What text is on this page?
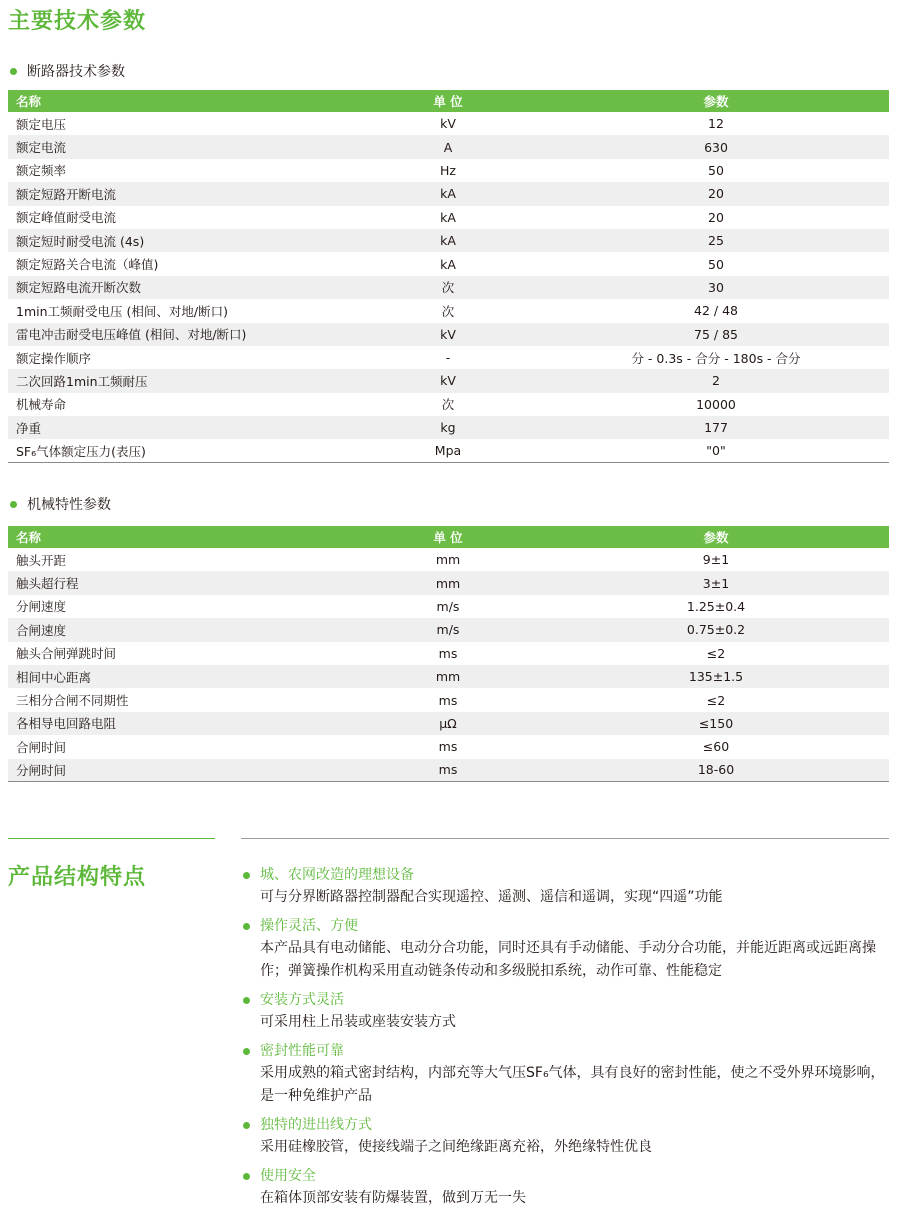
主要技术参数
断路器技术参数
名称	单 位	参数
额定电压	kV	12
额定电流	A	630
额定频率	Hz	50
额定短路开断电流	kA	20
额定峰值耐受电流	kA	20
额定短时耐受电流 (4s)	kA	25
额定短路关合电流（峰值)	kA	50
额定短路电流开断次数	次	30
1min工频耐受电压 (相间、对地/断口)	次	42 / 48
雷电冲击耐受电压峰值 (相间、对地/断口)	kV	75 / 85
额定操作顺序	-	分 - 0.3s - 合分 - 180s - 合分
二次回路1min工频耐压	kV	2
机械寿命	次	10000
净重	kg	177
SF₆气体额定压力(表压)	Mpa	"0"
机械特性参数
名称	单 位	参数
触头开距	mm	9±1
触头超行程	mm	3±1
分闸速度	m/s	1.25±0.4
合闸速度	m/s	0.75±0.2
触头合闸弹跳时间	ms	≤2
相间中心距离	mm	135±1.5
三相分合闸不同期性	ms	≤2
各相导电回路电阻	μΩ	≤150
合闸时间	ms	≤60
分闸时间	ms	18-60
产品结构特点	城、农网改造的理想设备
可与分界断路器控制器配合实现遥控、遥测、遥信和遥调，实现“四遥”功能
操作灵活、方便
本产品具有电动储能、电动分合功能，同时还具有手动储能、手动分合功能，并能近距离或远距离操作；弹簧操作机构采用直动链条传动和多级脱扣系统，动作可靠、性能稳定
安装方式灵活
可采用柱上吊装或座装安装方式
密封性能可靠
采用成熟的箱式密封结构，内部充等大气压SF₆气体，具有良好的密封性能，使之不受外界环境影响，是一种免维护产品
独特的进出线方式
采用硅橡胶管，使接线端子之间绝缘距离充裕，外绝缘特性优良
使用安全
在箱体顶部安装有防爆装置，做到万无一失
